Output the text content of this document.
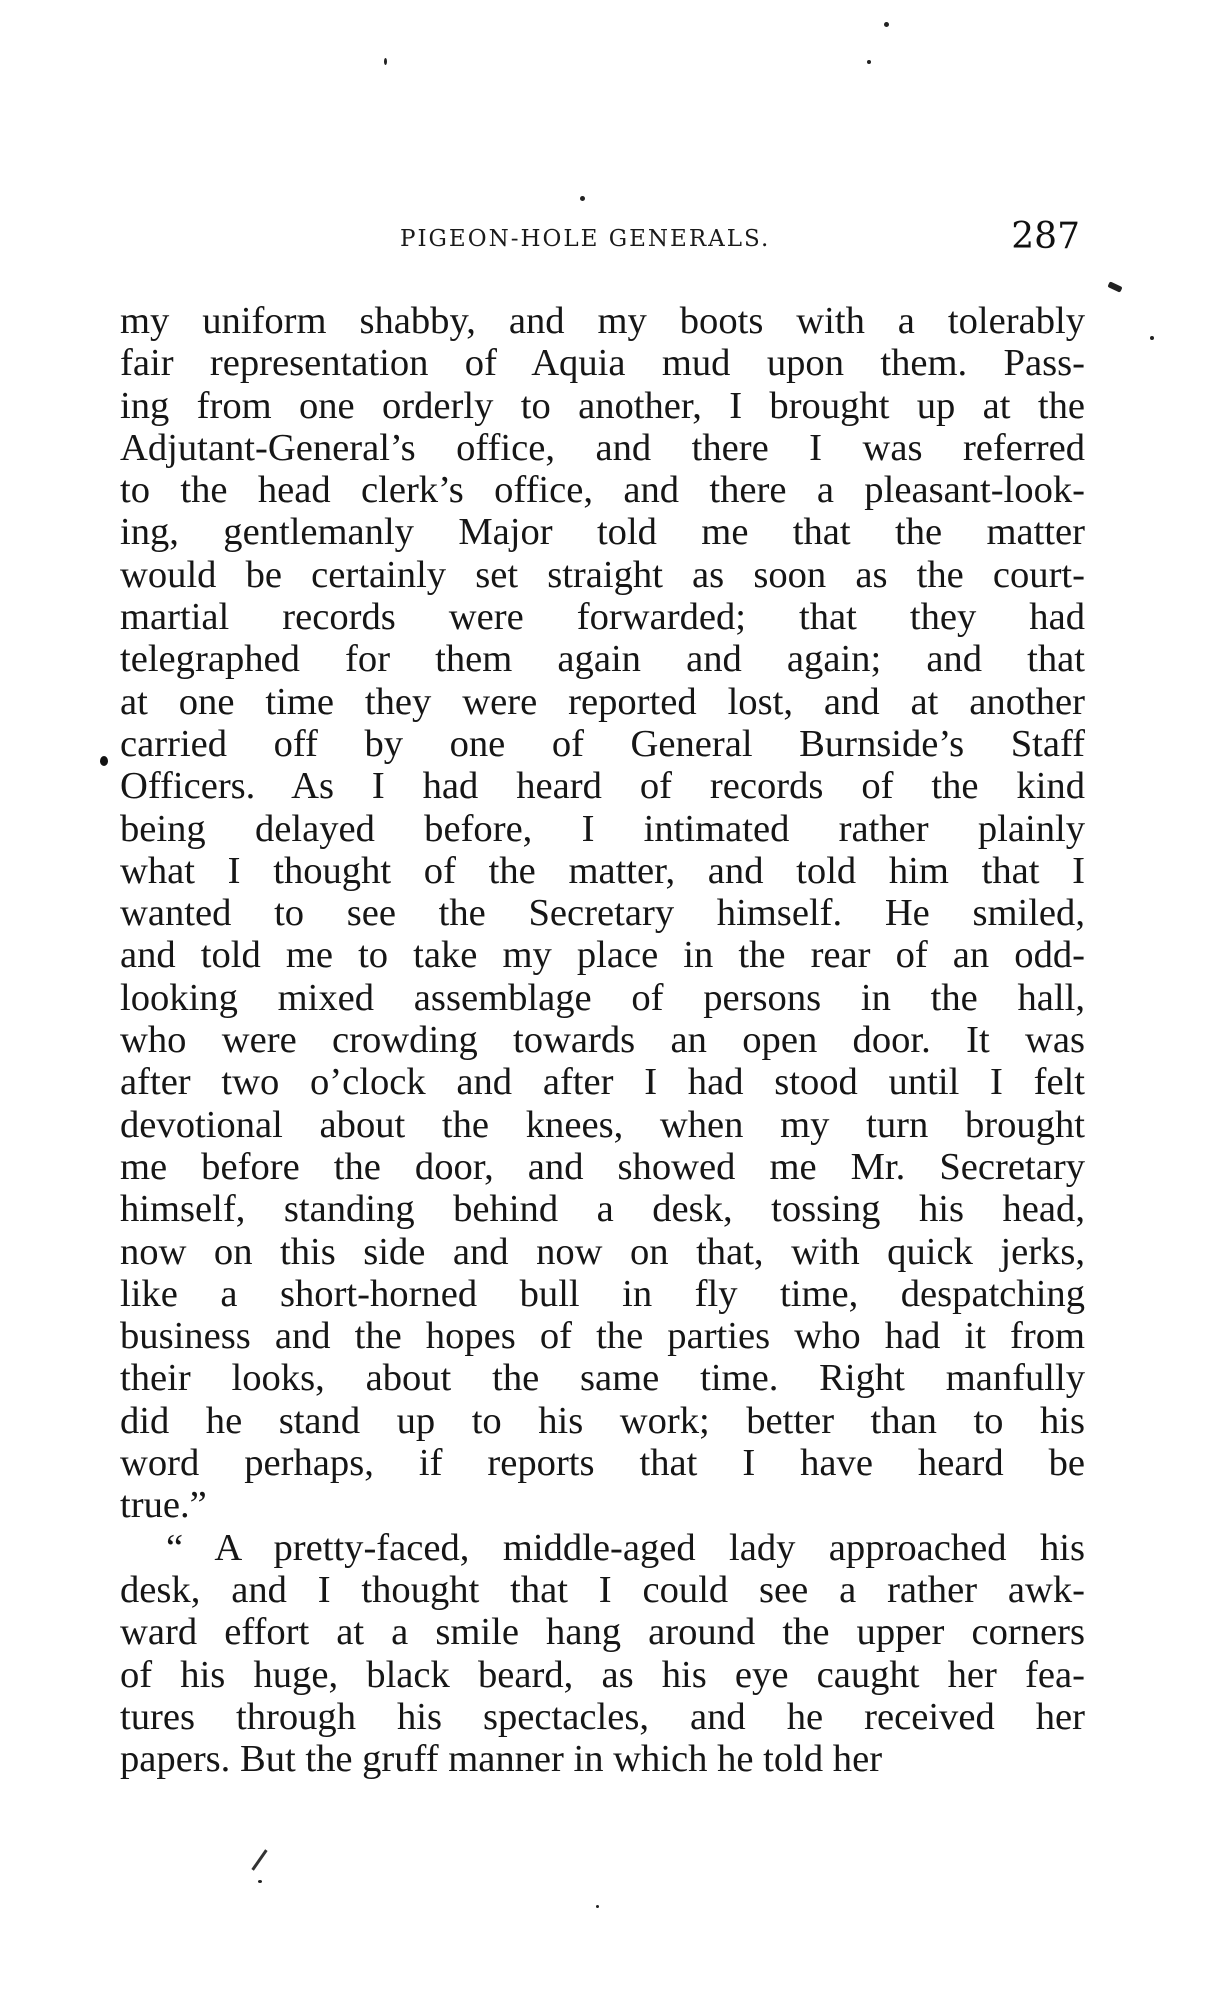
PIGEON-HOLE GENERALS.	287
my uniform shabby, and my boots with a tolerably
fair representation of Aquia mud upon them. Pass-
ing from one orderly to another, I brought up at the
Adjutant-General’s office, and there I was referred
to the head clerk’s office, and there a pleasant-look-
ing, gentlemanly Major told me that the matter
would be certainly set straight as soon as the court-
martial records were forwarded; that they had
telegraphed for them again and again; and that
at one time they were reported lost, and at another
carried off by one of General Burnside’s Staff
Officers. As I had heard of records of the kind
being delayed before, I intimated rather plainly
what I thought of the matter, and told him that I
wanted to see the Secretary himself. He smiled,
and told me to take my place in the rear of an odd-
looking mixed assemblage of persons in the hall,
who were crowding towards an open door. It was
after two o’clock and after I had stood until I felt
devotional about the knees, when my turn brought
me before the door, and showed me Mr. Secretary
himself, standing behind a desk, tossing his head,
now on this side and now on that, with quick jerks,
like a short-horned bull in fly time, despatching
business and the hopes of the parties who had it from
their looks, about the same time. Right manfully
did he stand up to his work; better than to his
word perhaps, if reports that I have heard be
true.”
“ A pretty-faced, middle-aged lady approached his
desk, and I thought that I could see a rather awk-
ward effort at a smile hang around the upper corners
of his huge, black beard, as his eye caught her fea-
tures through his spectacles, and he received her
papers. But the gruff manner in which he told her
